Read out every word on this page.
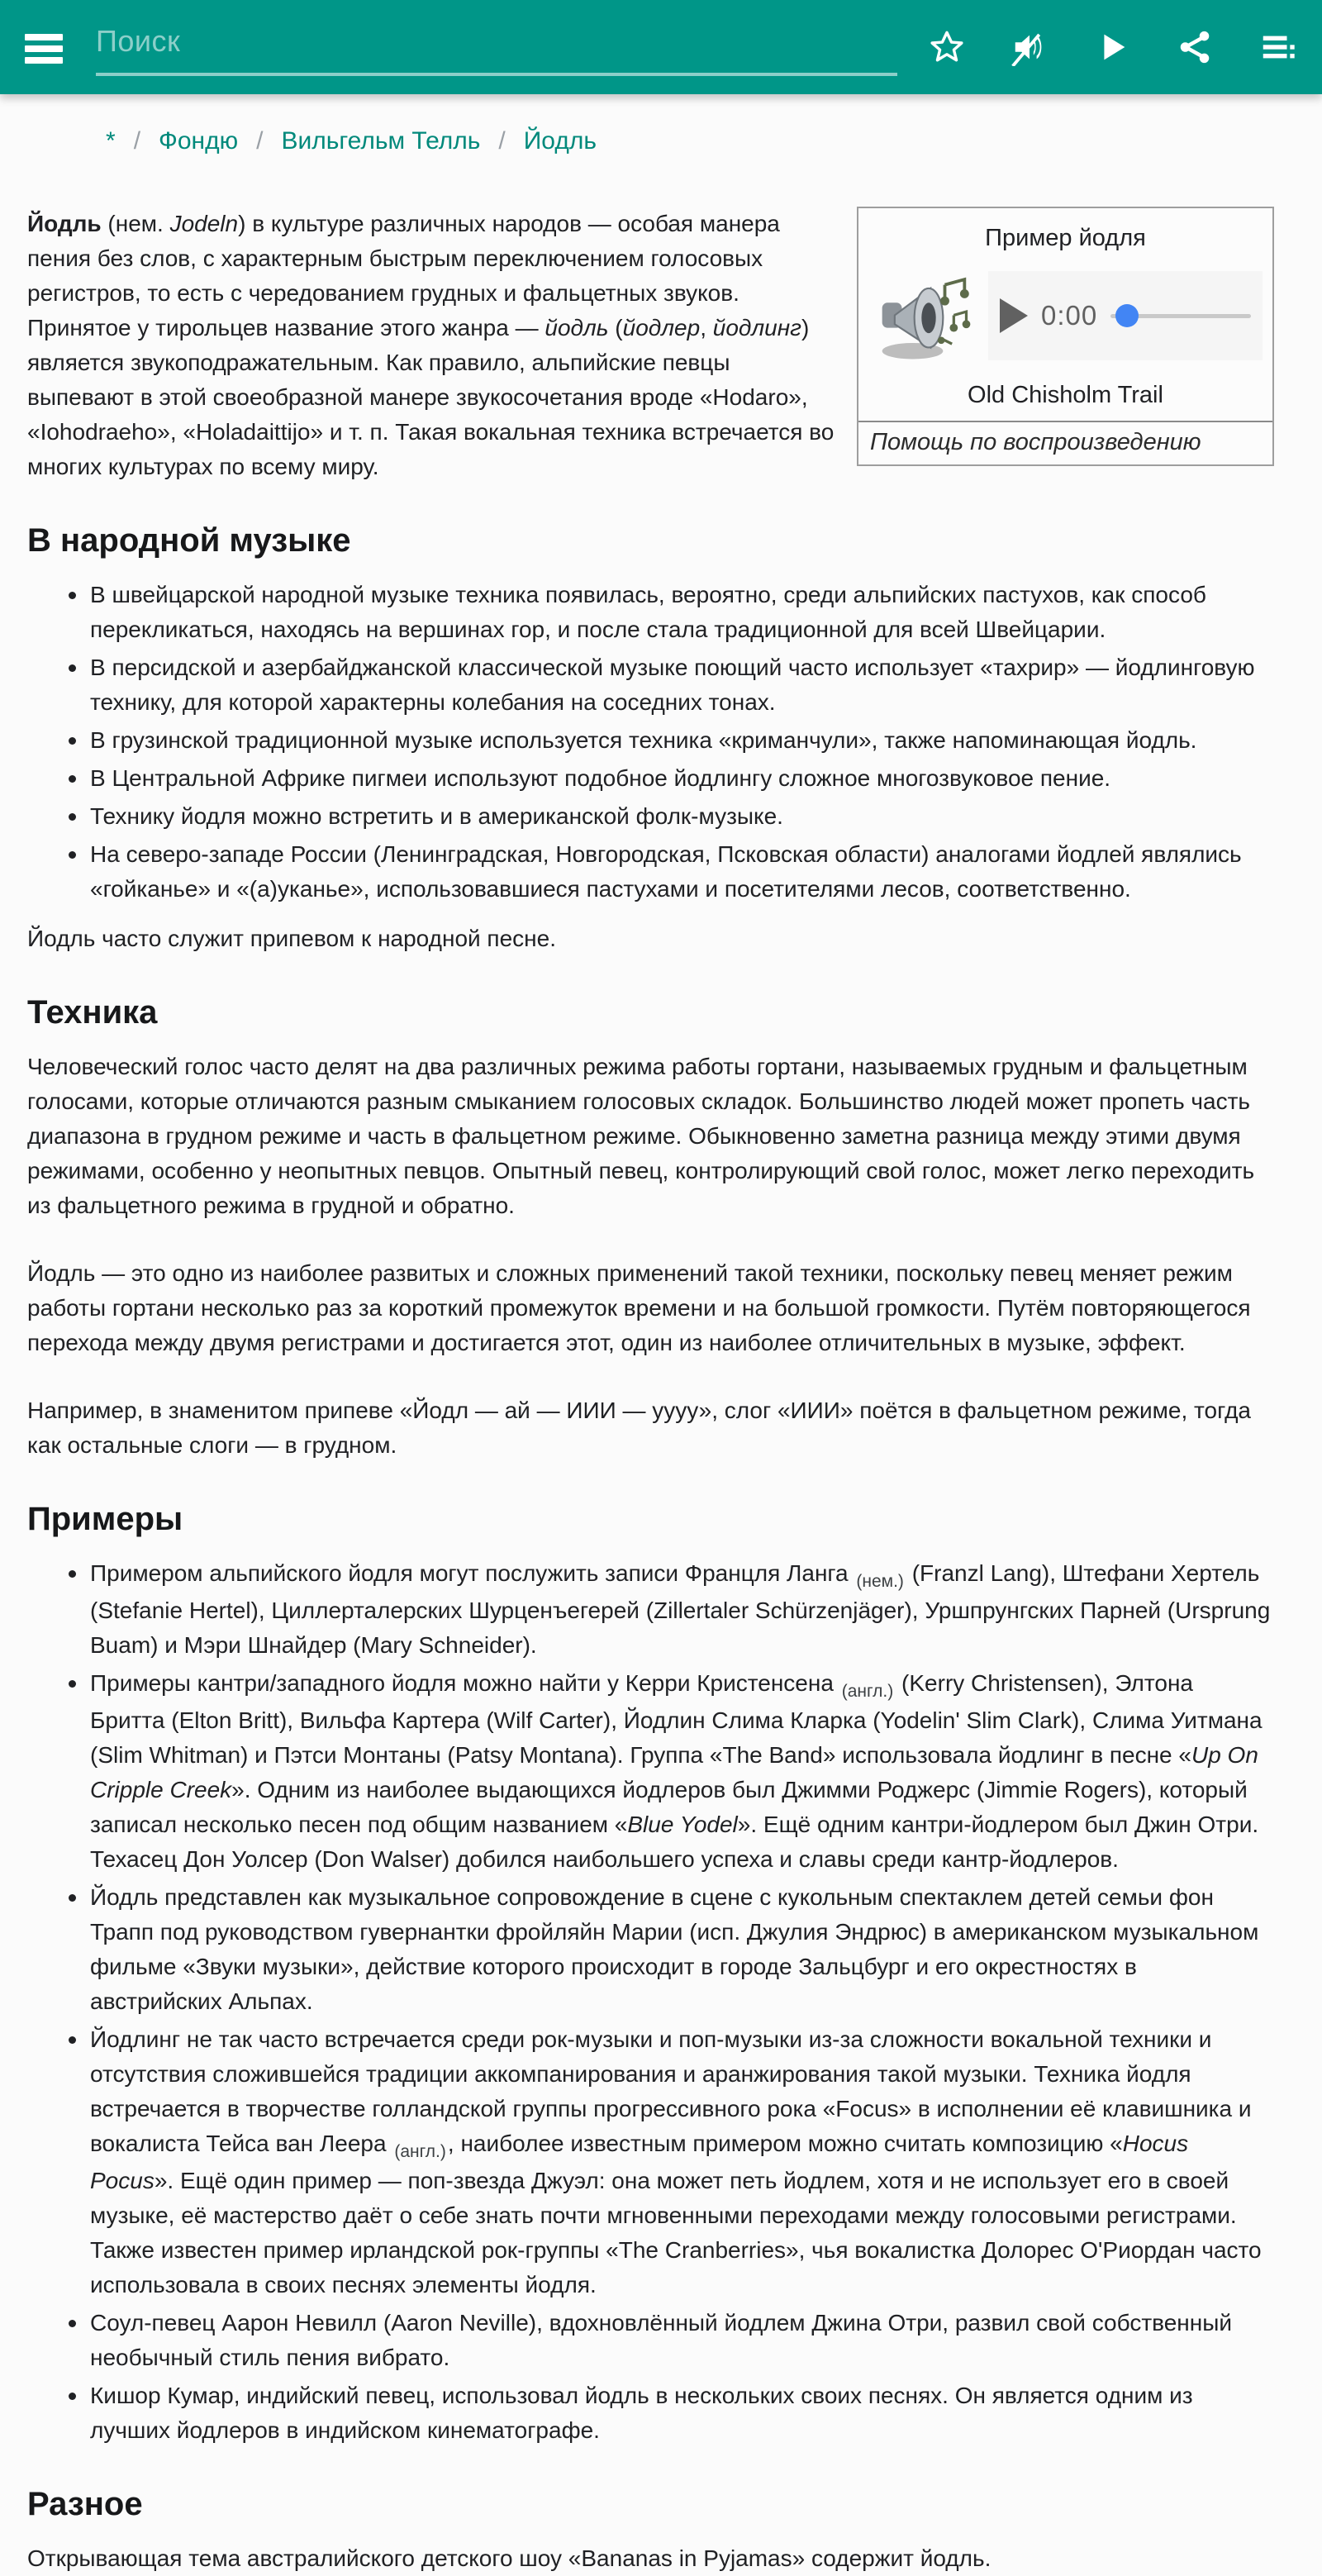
Поиск
* / Фондю / Вильгельм Телль / Йодль

Йодль (нем. Jodeln) в культуре различных народов — особая манера пения без слов, с характерным быстрым переключением голосовых регистров, то есть с чередованием грудных и фальцетных звуков. Принятое у тирольцев название этого жанра — йодль (йодлер, йодлинг) является звукоподражательным. Как правило, альпийские певцы выпевают в этой своеобразной манере звукосочетания вроде «Hodaro», «Iohodraeho», «Holadaittijo» и т. п. Такая вокальная техника встречается во многих культурах по всему миру.

Пример йодля
0:00
Old Chisholm Trail
Помощь по воспроизведению
В народной музыке
В швейцарской народной музыке техника появилась, вероятно, среди альпийских пастухов, как способ перекликаться, находясь на вершинах гор, и после стала традиционной для всей Швейцарии.
В персидской и азербайджанской классической музыке поющий часто использует «тахрир» — йодлинговую технику, для которой характерны колебания на соседних тонах.
В грузинской традиционной музыке используется техника «криманчули», также напоминающая йодль.
В Центральной Африке пигмеи используют подобное йодлингу сложное многозвуковое пение.
Технику йодля можно встретить и в американской фолк-музыке.
На северо-западе России (Ленинградская, Новгородская, Псковская области) аналогами йодлей являлись «гойканье» и «(а)уканье», использовавшиеся пастухами и посетителями лесов, соответственно.

Йодль часто служит припевом к народной песне.

Техника

Человеческий голос часто делят на два различных режима работы гортани, называемых грудным и фальцетным голосами, которые отличаются разным смыканием голосовых складок. Большинство людей может пропеть часть диапазона в грудном режиме и часть в фальцетном режиме. Обыкновенно заметна разница между этими двумя режимами, особенно у неопытных певцов. Опытный певец, контролирующий свой голос, может легко переходить из фальцетного режима в грудной и обратно.

Йодль — это одно из наиболее развитых и сложных применений такой техники, поскольку певец меняет режим работы гортани несколько раз за короткий промежуток времени и на большой громкости. Путём повторяющегося перехода между двумя регистрами и достигается этот, один из наиболее отличительных в музыке, эффект.

Например, в знаменитом припеве «Йодл — ай — ИИИ — уууу», слог «ИИИ» поётся в фальцетном режиме, тогда как остальные слоги — в грудном.

Примеры
Примером альпийского йодля могут послужить записи Францля Ланга $_{(нем.)}$ (Franzl Lang), Штефани Хертель (Stefanie Hertel), Циллерталерских Шурценъегерей (Zillertaler Schürzenjäger), Уршпрунгских Парней (Ursprung Buam) и Мэри Шнайдер (Mary Schneider).
Примеры кантри/западного йодля можно найти у Керри Кристенсена $_{(англ.)}$ (Kerry Christensen), Элтона Бритта (Elton Britt), Вильфа Картера (Wilf Carter), Йодлин Слима Кларка (Yodelin' Slim Clark), Слима Уитмана (Slim Whitman) и Пэтси Монтаны (Patsy Montana). Группа «The Band» использовала йодлинг в песне «Up On Cripple Creek». Одним из наиболее выдающихся йодлеров был Джимми Роджерс (Jimmie Rogers), который записал несколько песен под общим названием «Blue Yodel». Ещё одним кантри-йодлером был Джин Отри. Техасец Дон Уолсер (Don Walser) добился наибольшего успеха и славы среди кантр-йодлеров.
Йодль представлен как музыкальное сопровождение в сцене с кукольным спектаклем детей семьи фон Трапп под руководством гувернантки фройляйн Марии (исп. Джулия Эндрюс) в американском музыкальном фильме «Звуки музыки», действие которого происходит в городе Зальцбург и его окрестностях в австрийских Альпах.
Йодлинг не так часто встречается среди рок-музыки и поп-музыки из-за сложности вокальной техники и отсутствия сложившейся традиции аккомпанирования и аранжирования такой музыки. Техника йодля встречается в творчестве голландской группы прогрессивного рока «Focus» в исполнении её клавишника и вокалиста Тейса ван Леера $_{(англ.)}$, наиболее известным примером можно считать композицию «Hocus Pocus». Ещё один пример — поп-звезда Джуэл: она может петь йодлем, хотя и не использует его в своей музыке, её мастерство даёт о себе знать почти мгновенными переходами между голосовыми регистрами. Также известен пример ирландской рок-группы «The Cranberries», чья вокалистка Долорес О'Риордан часто использовала в своих песнях элементы йодля.
Соул-певец Аарон Невилл (Aaron Neville), вдохновлённый йодлем Джина Отри, развил свой собственный необычный стиль пения вибрато.
Кишор Кумар, индийский певец, использовал йодль в нескольких своих песнях. Он является одним из лучших йодлеров в индийском кинематографе.
Разное

Открывающая тема австралийского детского шоу «Bananas in Pyjamas» содержит йодль.
